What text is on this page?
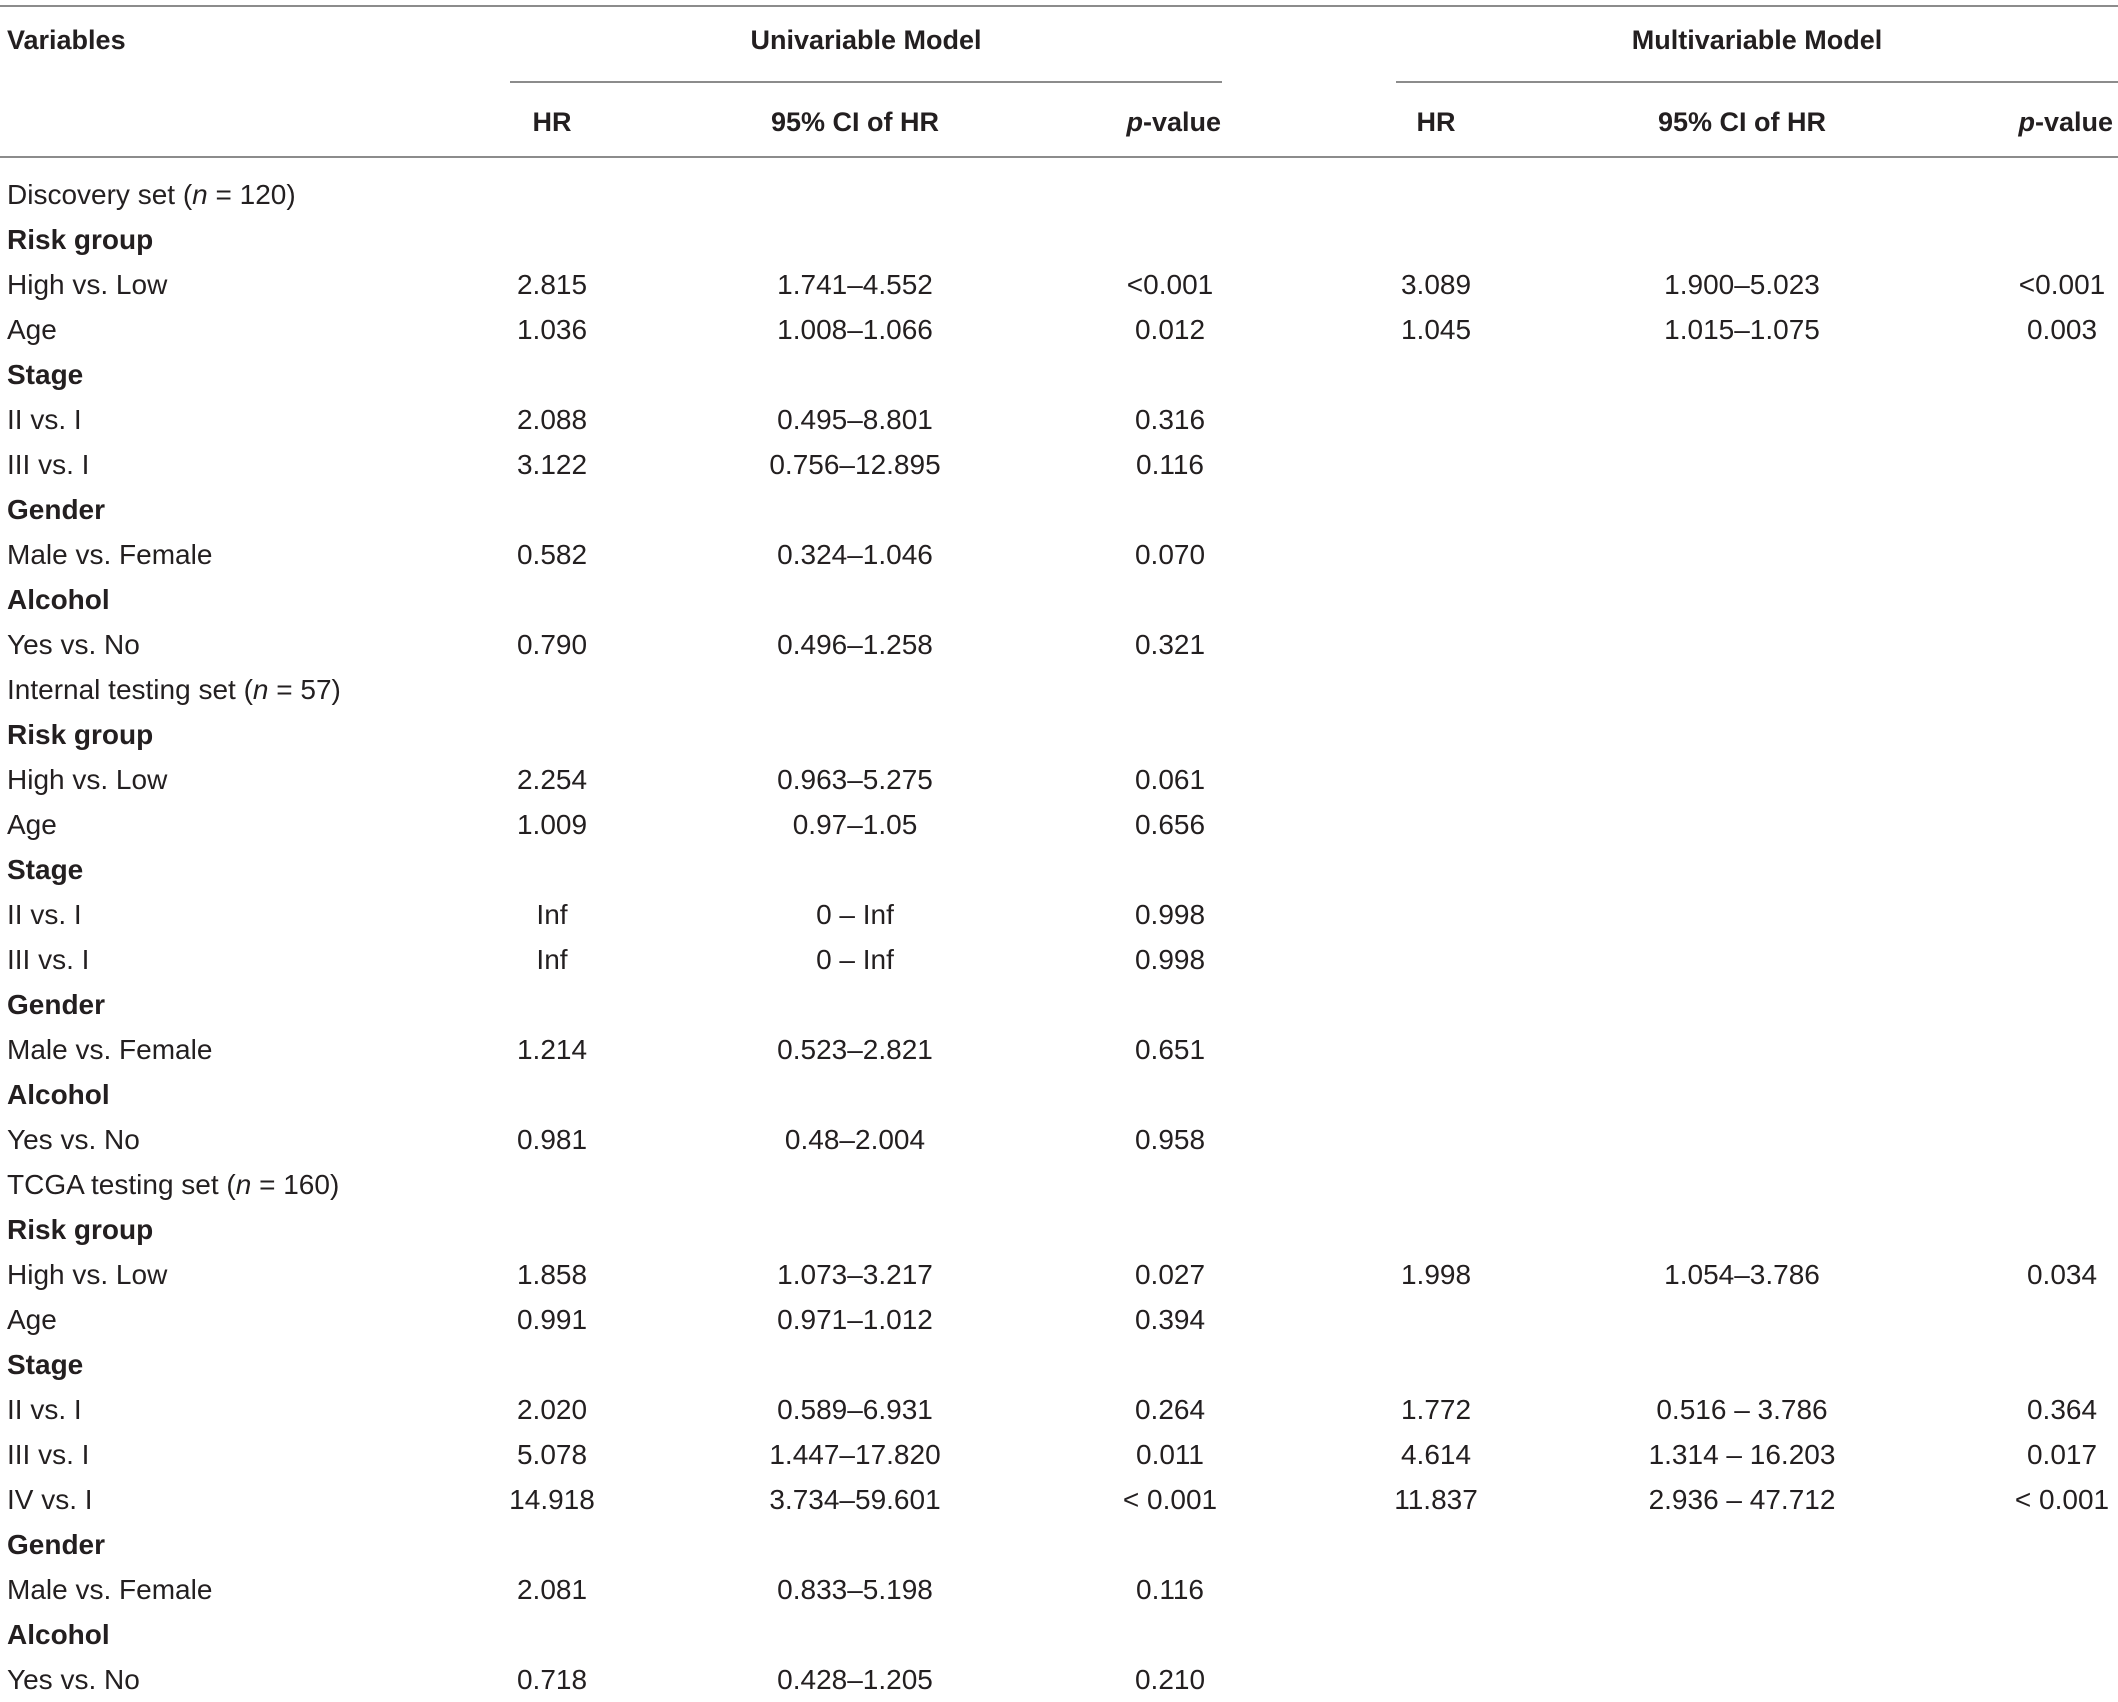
Variables	Univariable Model	Multivariable Model
HR	95% CI of HR	p-value	HR	95% CI of HR	p-value
Discovery set (n = 120)
Risk group
High vs. Low	2.815	1.741–4.552	<0.001	3.089	1.900–5.023	<0.001
Age	1.036	1.008–1.066	0.012	1.045	1.015–1.075	0.003
Stage
II vs. I	2.088	0.495–8.801	0.316
III vs. I	3.122	0.756–12.895	0.116
Gender
Male vs. Female	0.582	0.324–1.046	0.070
Alcohol
Yes vs. No	0.790	0.496–1.258	0.321
Internal testing set (n = 57)
Risk group
High vs. Low	2.254	0.963–5.275	0.061
Age	1.009	0.97–1.05	0.656
Stage
II vs. I	Inf	0 – Inf	0.998
III vs. I	Inf	0 – Inf	0.998
Gender
Male vs. Female	1.214	0.523–2.821	0.651
Alcohol
Yes vs. No	0.981	0.48–2.004	0.958
TCGA testing set (n = 160)
Risk group
High vs. Low	1.858	1.073–3.217	0.027	1.998	1.054–3.786	0.034
Age	0.991	0.971–1.012	0.394
Stage
II vs. I	2.020	0.589–6.931	0.264	1.772	0.516 – 3.786	0.364
III vs. I	5.078	1.447–17.820	0.011	4.614	1.314 – 16.203	0.017
IV vs. I	14.918	3.734–59.601	< 0.001	11.837	2.936 – 47.712	< 0.001
Gender
Male vs. Female	2.081	0.833–5.198	0.116
Alcohol
Yes vs. No	0.718	0.428–1.205	0.210
